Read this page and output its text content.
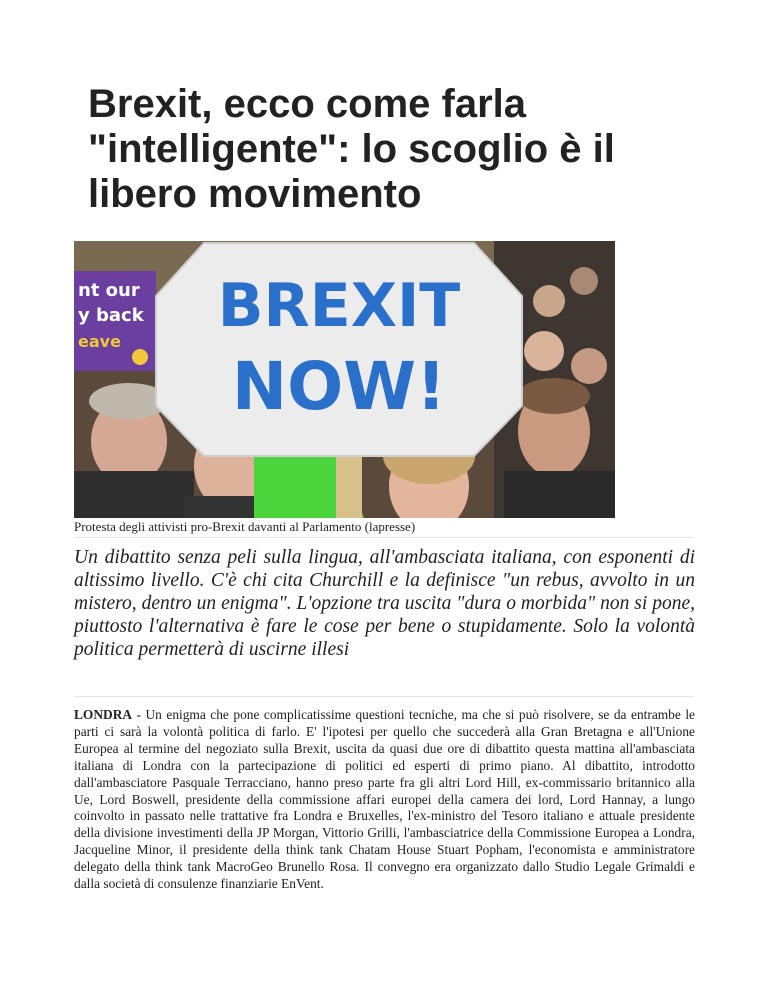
Brexit, ecco come farla "intelligente": lo scoglio è il libero movimento
nt our
y back
eave
BREXIT
NOW!
Protesta degli attivisti pro-Brexit davanti al Parlamento (lapresse)

Un dibattito senza peli sulla lingua, all'ambasciata italiana, con esponenti di altissimo livello. C'è chi cita Churchill e la definisce "un rebus, avvolto in un mistero, dentro un enigma". L'opzione tra uscita "dura o morbida" non si pone, piuttosto l'alternativa è fare le cose per bene o stupidamente. Solo la volontà politica permetterà di uscirne illesi

LONDRA - Un enigma che pone complicatissime questioni tecniche, ma che si può risolvere, se da entrambe le parti ci sarà la volontà politica di farlo. E' l'ipotesi per quello che succederà alla Gran Bretagna e all'Unione Europea al termine del negoziato sulla Brexit, uscita da quasi due ore di dibattito questa mattina all'ambasciata italiana di Londra con la partecipazione di politici ed esperti di primo piano. Al dibattito, introdotto dall'ambasciatore Pasquale Terracciano, hanno preso parte fra gli altri Lord Hill, ex-commissario britannico alla Ue, Lord Boswell, presidente della commissione affari europei della camera dei lord, Lord Hannay, a lungo coinvolto in passato nelle trattative fra Londra e Bruxelles, l'ex-ministro del Tesoro italiano e attuale presidente della divisione investimenti della JP Morgan, Vittorio Grilli, l'ambasciatrice della Commissione Europea a Londra, Jacqueline Minor, il presidente della think tank Chatam House Stuart Popham, l'economista e amministratore delegato della think tank MacroGeo Brunello Rosa. Il convegno era organizzato dallo Studio Legale Grimaldi e dalla società di consulenze finanziarie EnVent.
